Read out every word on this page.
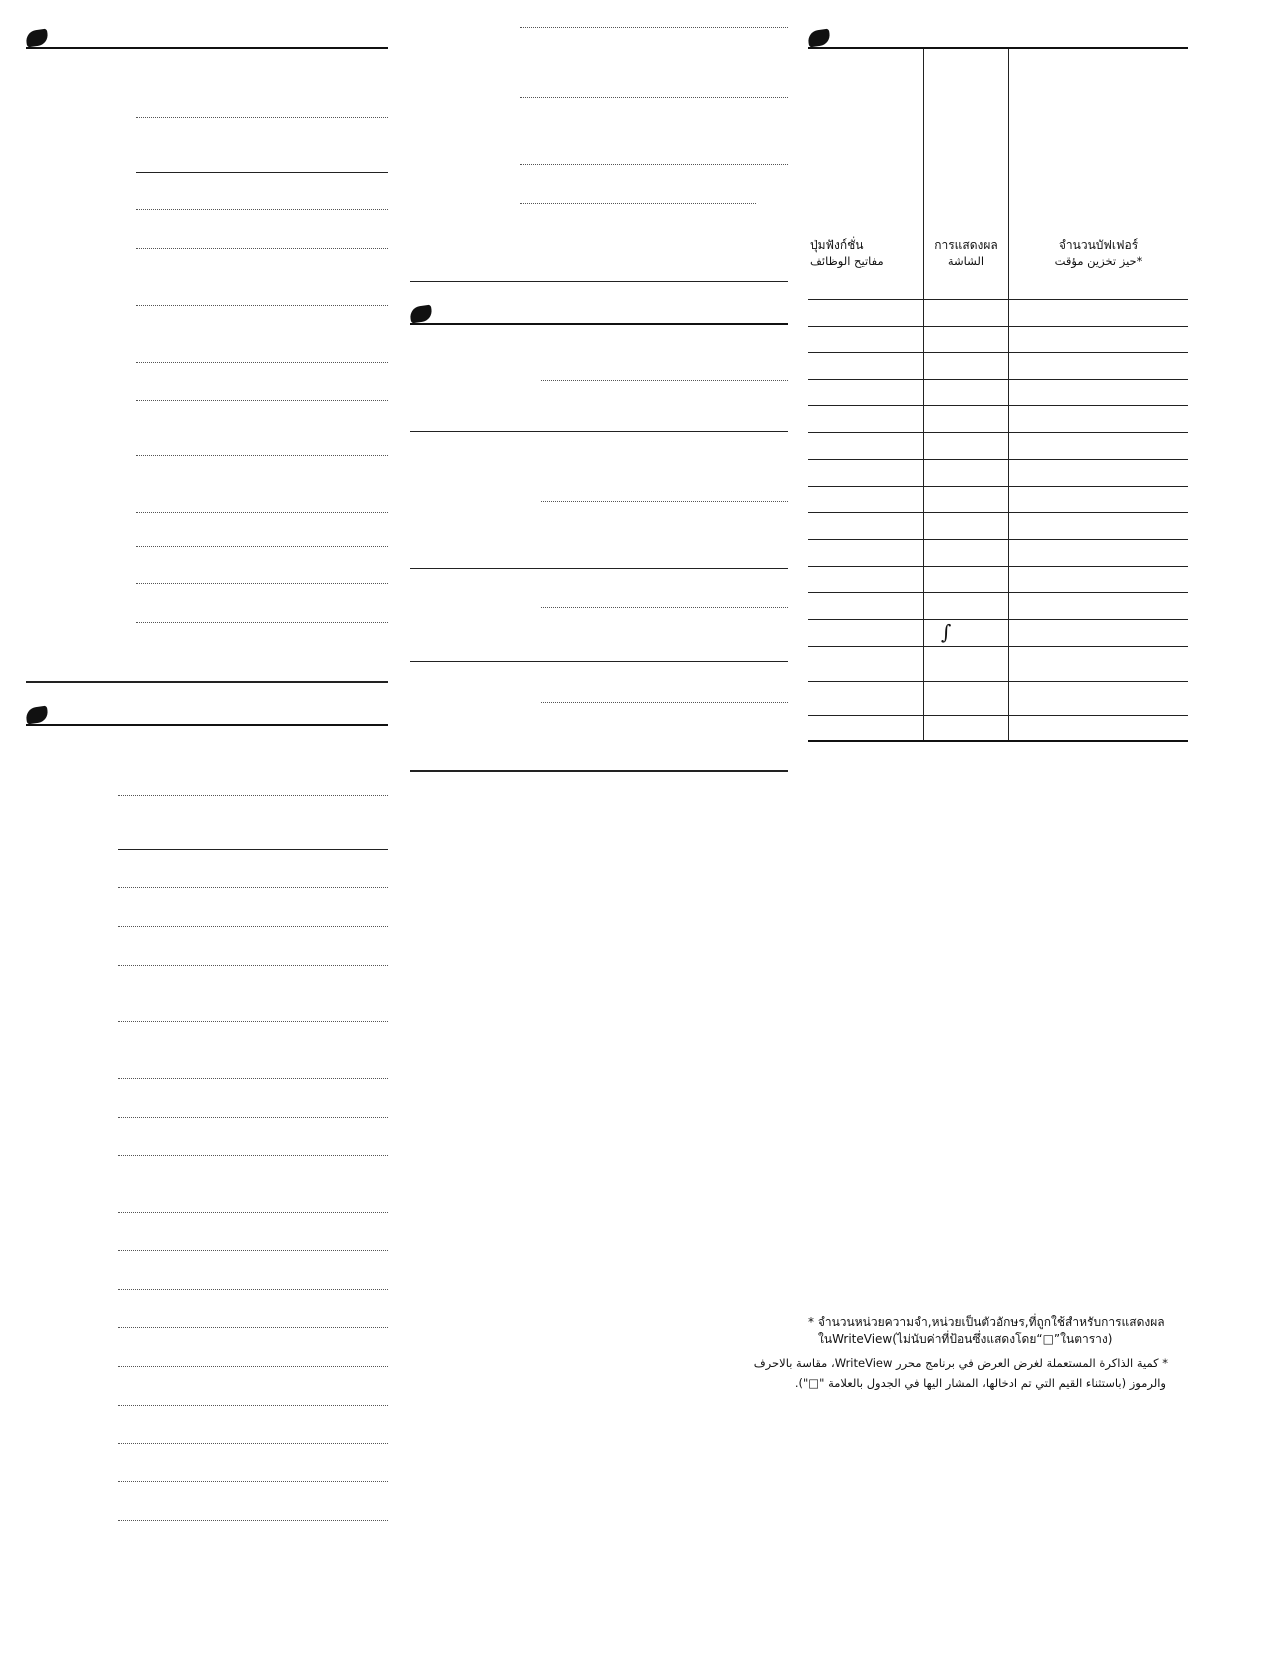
ปุ่มฟังก์ชั่น
مفاتيح الوظائف
การแสดงผล
الشاشة
จำนวนบัฟเฟอร์
حيز تخزين مؤقت*
∫
* จำนวนหน่วยความจำ,หน่วยเป็นตัวอักษร,ที่ถูกใช้สำหรับการแสดงผล
ในWriteView(ไม่นับค่าที่ป้อนซึ่งแสดงโดย“□”ในตาราง)
* كمية الذاكرة المستعملة لغرض العرض في برنامج محرر WriteView، مقاسة بالاحرف
والرموز (باستثناء القيم التي تم ادخالها، المشار اليها في الجدول بالعلامة "□").
